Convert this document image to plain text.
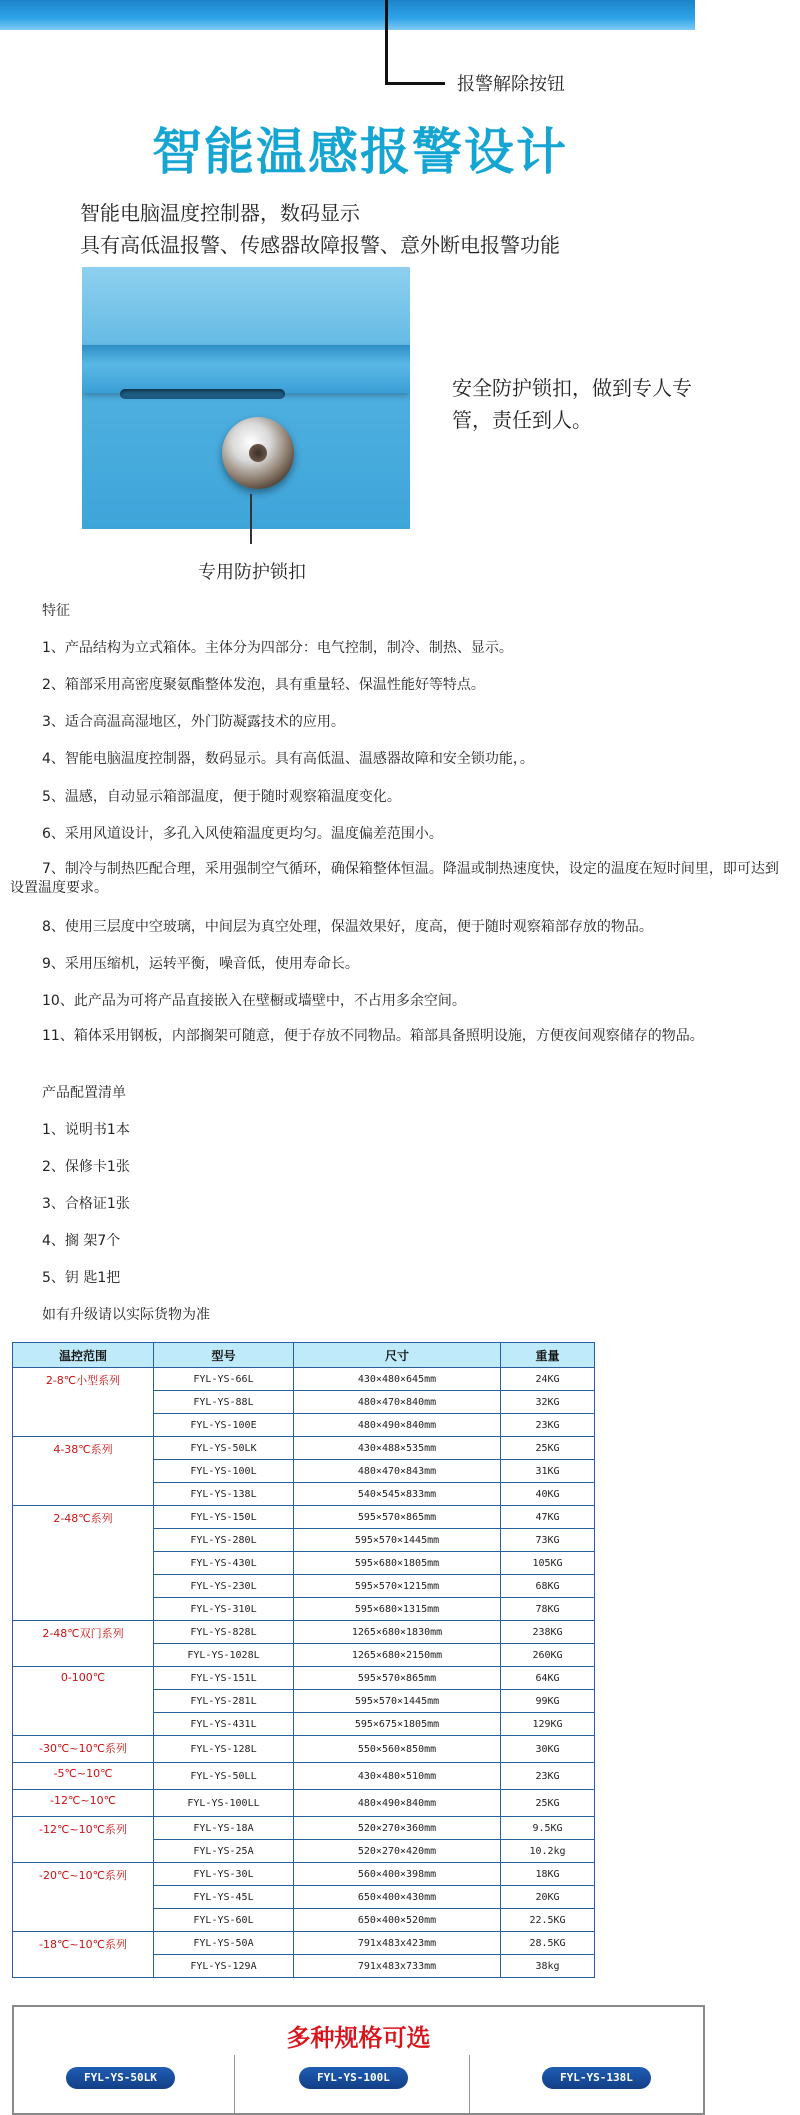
报警解除按钮
智能温感报警设计
智能电脑温度控制器，数码显示
具有高低温报警、传感器故障报警、意外断电报警功能
专用防护锁扣
安全防护锁扣，做到专人专管，责任到人。
特征
1、产品结构为立式箱体。主体分为四部分：电气控制，制冷、制热、显示。
2、箱部采用高密度聚氨酯整体发泡，具有重量轻、保温性能好等特点。
3、适合高温高湿地区，外门防凝露技术的应用。
4、智能电脑温度控制器，数码显示。具有高低温、温感器故障和安全锁功能，。
5、温感，自动显示箱部温度，便于随时观察箱温度变化。
6、采用风道设计，多孔入风使箱温度更均匀。温度偏差范围小。
7、制冷与制热匹配合理，采用强制空气循环，确保箱整体恒温。降温或制热速度快，设定的温度在短时间里，即可达到设置温度要求。
8、使用三层度中空玻璃，中间层为真空处理，保温效果好，度高，便于随时观察箱部存放的物品。
9、采用压缩机，运转平衡，噪音低，使用寿命长。
10、此产品为可将产品直接嵌入在壁橱或墙壁中，不占用多余空间。
11、箱体采用钢板，内部搁架可随意，便于存放不同物品。箱部具备照明设施，方便夜间观察储存的物品。
产品配置清单
1、说明书1本
2、保修卡1张
3、合格证1张
4、搁 架7个
5、钥 匙1把
如有升级请以实际货物为准
温控范围	型号	尺寸	重量
2-8℃小型系列	FYL-YS-66L	430×480×645mm	24KG
	FYL-YS-88L	480×470×840mm	32KG
	FYL-YS-100E	480×490×840mm	23KG
4-38℃系列	FYL-YS-50LK	430×488×535mm	25KG
	FYL-YS-100L	480×470×843mm	31KG
	FYL-YS-138L	540×545×833mm	40KG
2-48℃系列	FYL-YS-150L	595×570×865mm	47KG
	FYL-YS-280L	595×570×1445mm	73KG
	FYL-YS-430L	595×680×1805mm	105KG
	FYL-YS-230L	595×570×1215mm	68KG
	FYL-YS-310L	595×680×1315mm	78KG
2-48℃双门系列	FYL-YS-828L	1265×680×1830mm	238KG
	FYL-YS-1028L	1265×680×2150mm	260KG
0-100℃	FYL-YS-151L	595×570×865mm	64KG
	FYL-YS-281L	595×570×1445mm	99KG
	FYL-YS-431L	595×675×1805mm	129KG
-30℃~10℃系列	FYL-YS-128L	550×560×850mm	30KG
-5℃~10℃	FYL-YS-50LL	430×480×510mm	23KG
-12℃~10℃	FYL-YS-100LL	480×490×840mm	25KG
-12℃~10℃系列	FYL-YS-18A	520×270×360mm	9.5KG
	FYL-YS-25A	520×270×420mm	10.2kg
-20℃~10℃系列	FYL-YS-30L	560×400×398mm	18KG
	FYL-YS-45L	650×400×430mm	20KG
	FYL-YS-60L	650×400×520mm	22.5KG
-18℃~10℃系列	FYL-YS-50A	791x483x423mm	28.5KG
	FYL-YS-129A	791x483x733mm	38kg
多种规格可选
FYL-YS-50LK	FYL-YS-100L	FYL-YS-138L
